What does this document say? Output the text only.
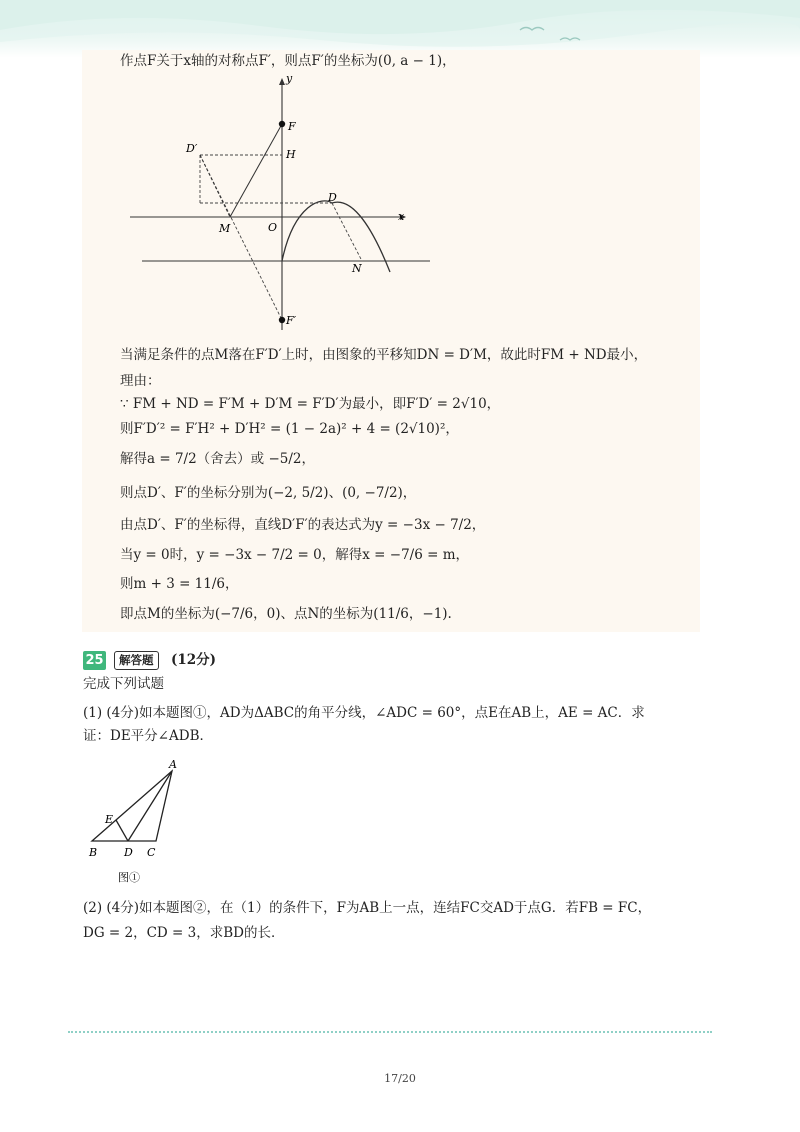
作点F关于x轴的对称点F′，则点F′的坐标为(0, a − 1)，
y
x
F
D′	H
D
M	O
N
F′
当满足条件的点M落在F′D′上时，由图象的平移知DN = D′M，故此时FM + ND最小，
理由：
∵ FM + ND = F′M + D′M = F′D′为最小，即F′D′ = 2√10，
则F′D′² = F′H² + D′H² = (1 − 2a)² + 4 = (2√10)²，
解得a = 7/2（舍去）或 −5/2，
则点D′、F′的坐标分别为(−2, 5/2)、(0, −7/2)，
由点D′、F′的坐标得，直线D′F′的表达式为y = −3x − 7/2，
当y = 0时，y = −3x − 7/2 = 0，解得x = −7/6 = m，
则m + 3 = 11/6，
即点M的坐标为(−7/6，0)、点N的坐标为(11/6，−1).
25	解答题	(12分)
完成下列试题
(1) (4分)如本题图①，AD为ΔABC的角平分线，∠ADC = 60°，点E在AB上，AE = AC．求
证：DE平分∠ADB．
A
E
B D C
图①
(2) (4分)如本题图②，在（1）的条件下，F为AB上一点，连结FC交AD于点G．若FB = FC，
DG = 2，CD = 3，求BD的长．
17/20
